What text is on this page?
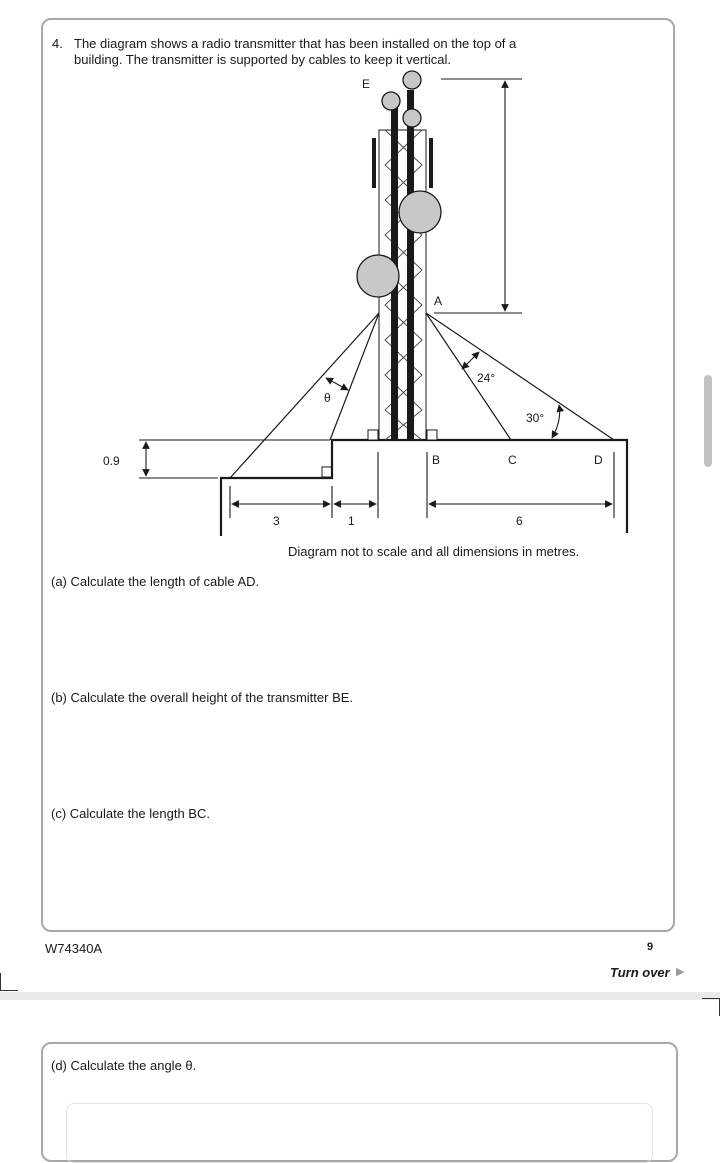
4. The diagram shows a radio transmitter that has been installed on the top of a
building. The transmitter is supported by cables to keep it vertical.
E
A
B	C	D
θ
24°
30°
0.9
3	1	6
Diagram not to scale and all dimensions in metres.
(a) Calculate the length of cable AD.
(b) Calculate the overall height of the transmitter BE.
(c) Calculate the length BC.
W74340A	9
Turn over ▶
(d) Calculate the angle θ.
